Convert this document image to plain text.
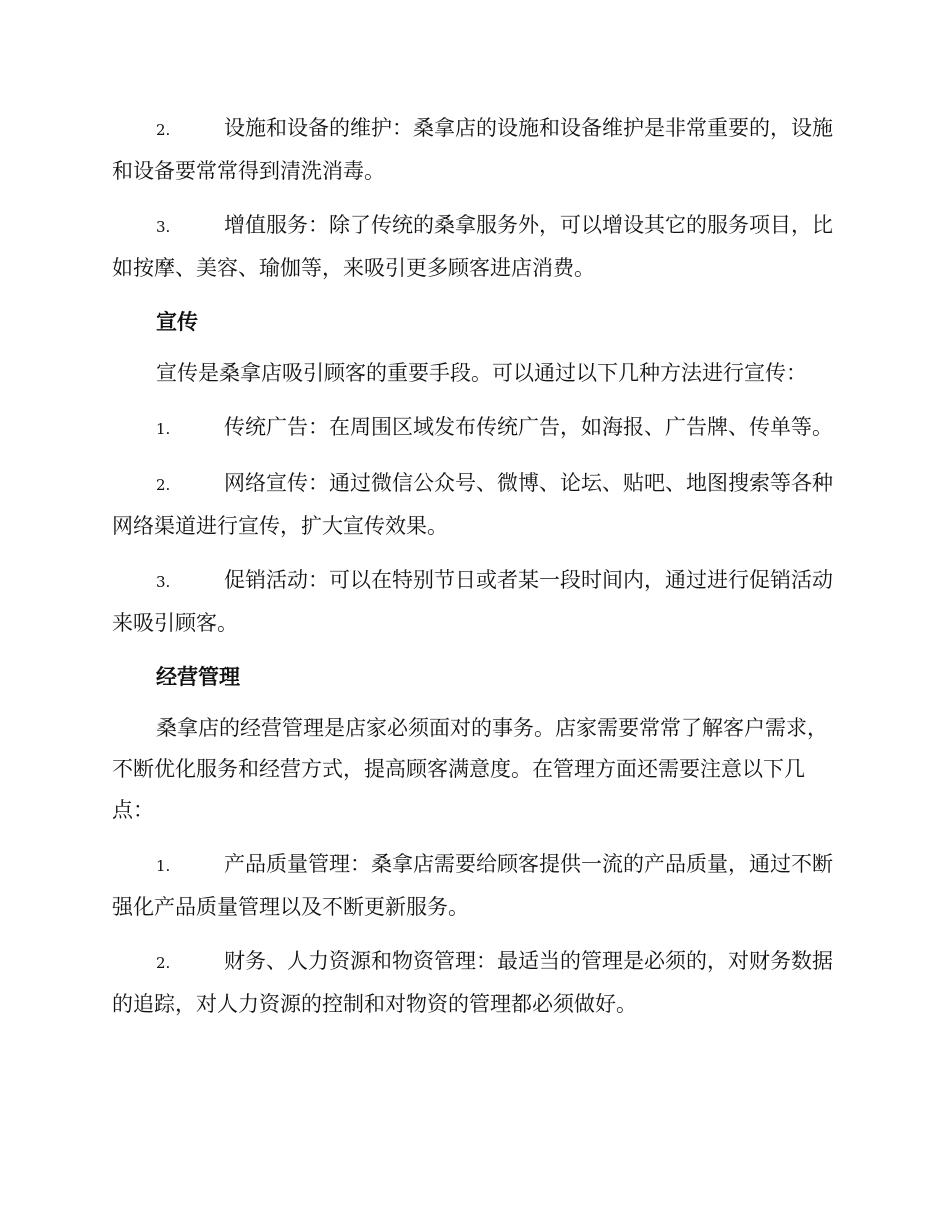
2.	设施和设备的维护：桑拿店的设施和设备维护是非常重要的，设施和设备要常常得到清洗消毒。

3.	增值服务：除了传统的桑拿服务外，可以增设其它的服务项目，比如按摩、美容、瑜伽等，来吸引更多顾客进店消费。

宣传

宣传是桑拿店吸引顾客的重要手段。可以通过以下几种方法进行宣传：

1.	传统广告：在周围区域发布传统广告，如海报、广告牌、传单等。

2.	网络宣传：通过微信公众号、微博、论坛、贴吧、地图搜索等各种网络渠道进行宣传，扩大宣传效果。

3.	促销活动：可以在特别节日或者某一段时间内，通过进行促销活动来吸引顾客。

经营管理

桑拿店的经营管理是店家必须面对的事务。店家需要常常了解客户需求，不断优化服务和经营方式，提高顾客满意度。在管理方面还需要注意以下几点：

1.	产品质量管理：桑拿店需要给顾客提供一流的产品质量，通过不断强化产品质量管理以及不断更新服务。

2.	财务、人力资源和物资管理：最适当的管理是必须的，对财务数据的追踪，对人力资源的控制和对物资的管理都必须做好。
